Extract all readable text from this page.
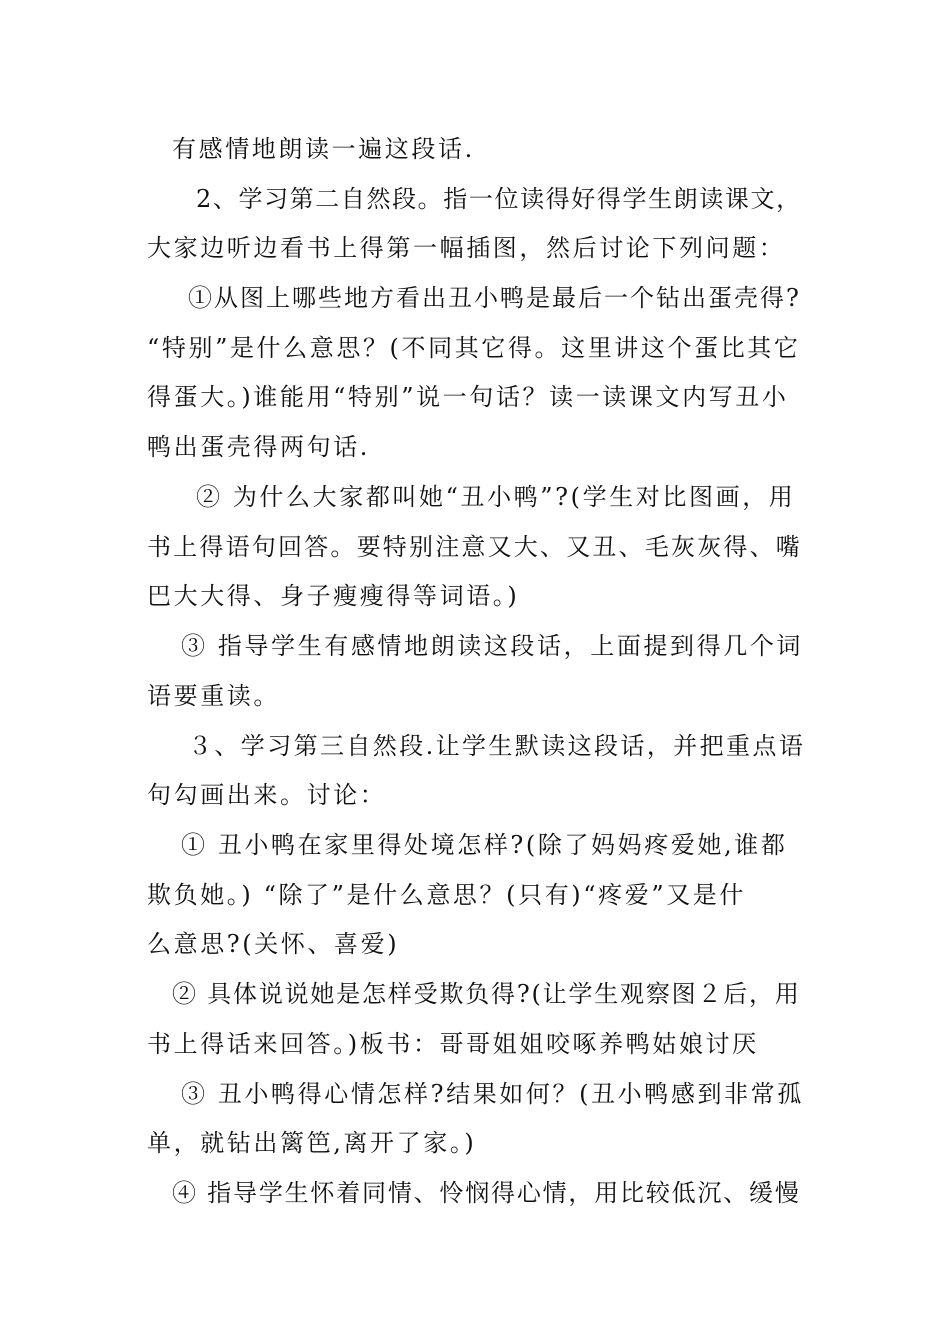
有感情地朗读一遍这段话.

2、学习第二自然段。指一位读得好得学生朗读课文，

大家边听边看书上得第一幅插图，然后讨论下列问题：

①从图上哪些地方看出丑小鸭是最后一个钻出蛋壳得?

“特别”是什么意思？(不同其它得。这里讲这个蛋比其它

得蛋大。)谁能用“特别”说一句话？读一读课文内写丑小

鸭出蛋壳得两句话.

② 为什么大家都叫她“丑小鸭”?(学生对比图画，用

书上得语句回答。要特别注意又大、又丑、毛灰灰得、嘴

巴大大得、身子瘦瘦得等词语。)

③ 指导学生有感情地朗读这段话，上面提到得几个词

语要重读。

３、学习第三自然段.让学生默读这段话，并把重点语

句勾画出来。讨论：

① 丑小鸭在家里得处境怎样?(除了妈妈疼爱她,谁都

欺负她。) “除了”是什么意思？(只有)“疼爱”又是什

么意思?(关怀、喜爱)

② 具体说说她是怎样受欺负得?(让学生观察图２后，用

书上得话来回答。)板书：哥哥姐姐咬啄养鸭姑娘讨厌

③ 丑小鸭得心情怎样?结果如何？(丑小鸭感到非常孤

单，就钻出篱笆,离开了家。)

④ 指导学生怀着同情、怜悯得心情，用比较低沉、缓慢
